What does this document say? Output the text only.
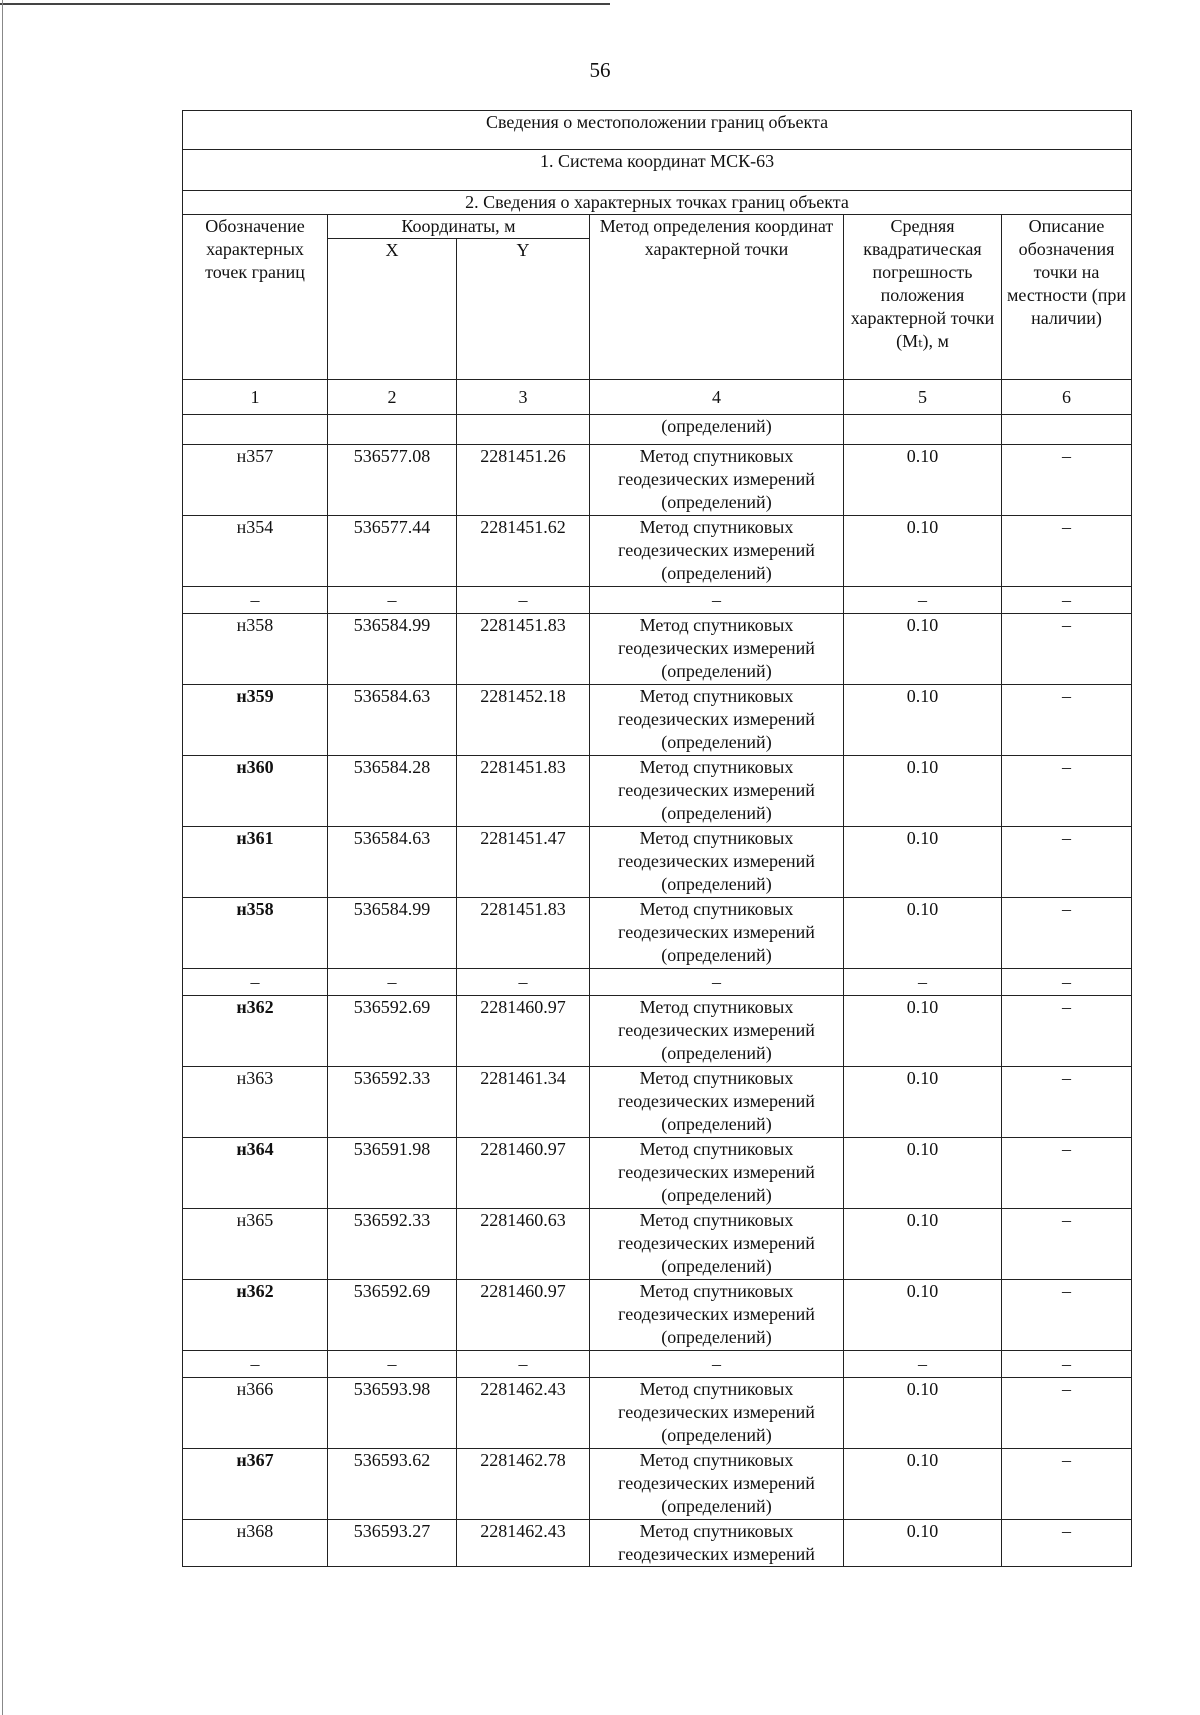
56
Сведения о местоположении границ объекта					
1. Система координат МСК-63					
2. Сведения о характерных точках границ объекта					
Обозначение характерных точек границ	Координаты, м		Метод определения координат характерной точки	Средняя квадратическая погрешность положения характерной точки (Mₜ), м	Описание обозначения точки на местности (при наличии)
	X	Y			
1	2	3	4	5	6
			(определений)		
н357	536577.08	2281451.26	Метод спутниковых геодезических измерений (определений)	0.10	–
н354	536577.44	2281451.62	Метод спутниковых геодезических измерений (определений)	0.10	–
–	–	–	–	–	–
н358	536584.99	2281451.83	Метод спутниковых геодезических измерений (определений)	0.10	–
н359	536584.63	2281452.18	Метод спутниковых геодезических измерений (определений)	0.10	–
н360	536584.28	2281451.83	Метод спутниковых геодезических измерений (определений)	0.10	–
н361	536584.63	2281451.47	Метод спутниковых геодезических измерений (определений)	0.10	–
н358	536584.99	2281451.83	Метод спутниковых геодезических измерений (определений)	0.10	–
–	–	–	–	–	–
н362	536592.69	2281460.97	Метод спутниковых геодезических измерений (определений)	0.10	–
н363	536592.33	2281461.34	Метод спутниковых геодезических измерений (определений)	0.10	–
н364	536591.98	2281460.97	Метод спутниковых геодезических измерений (определений)	0.10	–
н365	536592.33	2281460.63	Метод спутниковых геодезических измерений (определений)	0.10	–
н362	536592.69	2281460.97	Метод спутниковых геодезических измерений (определений)	0.10	–
–	–	–	–	–	–
н366	536593.98	2281462.43	Метод спутниковых геодезических измерений (определений)	0.10	–
н367	536593.62	2281462.78	Метод спутниковых геодезических измерений (определений)	0.10	–
н368	536593.27	2281462.43	Метод спутниковых геодезических измерений	0.10	–
